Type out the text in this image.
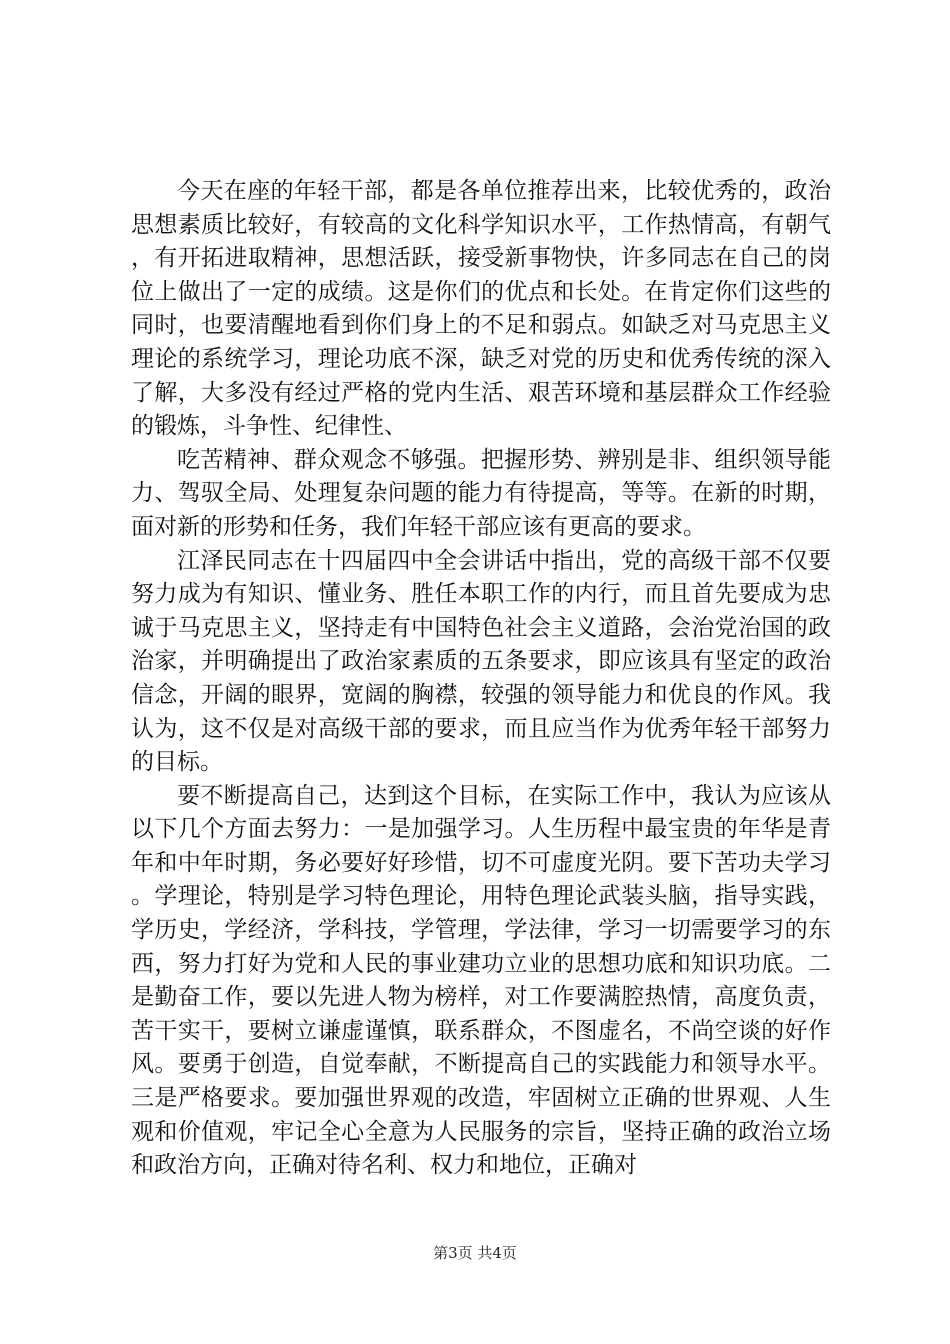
今天在座的年轻干部，都是各单位推荐出来，比较优秀的，政治思想素质比较好，有较高的文化科学知识水平，工作热情高，有朝气，有开拓进取精神，思想活跃，接受新事物快，许多同志在自己的岗位上做出了一定的成绩。这是你们的优点和长处。在肯定你们这些的同时，也要清醒地看到你们身上的不足和弱点。如缺乏对马克思主义理论的系统学习，理论功底不深，缺乏对党的历史和优秀传统的深入了解，大多没有经过严格的党内生活、艰苦环境和基层群众工作经验的锻炼，斗争性、纪律性、

吃苦精神、群众观念不够强。把握形势、辨别是非、组织领导能力、驾驭全局、处理复杂问题的能力有待提高，等等。在新的时期，面对新的形势和任务，我们年轻干部应该有更高的要求。

江泽民同志在十四届四中全会讲话中指出，党的高级干部不仅要努力成为有知识、懂业务、胜任本职工作的内行，而且首先要成为忠诚于马克思主义，坚持走有中国特色社会主义道路，会治党治国的政治家，并明确提出了政治家素质的五条要求，即应该具有坚定的政治信念，开阔的眼界，宽阔的胸襟，较强的领导能力和优良的作风。我认为，这不仅是对高级干部的要求，而且应当作为优秀年轻干部努力的目标。

要不断提高自己，达到这个目标，在实际工作中，我认为应该从以下几个方面去努力：一是加强学习。人生历程中最宝贵的年华是青年和中年时期，务必要好好珍惜，切不可虚度光阴。要下苦功夫学习。学理论，特别是学习特色理论，用特色理论武装头脑，指导实践，学历史，学经济，学科技，学管理，学法律，学习一切需要学习的东西，努力打好为党和人民的事业建功立业的思想功底和知识功底。二是勤奋工作，要以先进人物为榜样，对工作要满腔热情，高度负责，苦干实干，要树立谦虚谨慎，联系群众，不图虚名，不尚空谈的好作风。要勇于创造，自觉奉献，不断提高自己的实践能力和领导水平。三是严格要求。要加强世界观的改造，牢固树立正确的世界观、人生观和价值观，牢记全心全意为人民服务的宗旨，坚持正确的政治立场和政治方向，正确对待名利、权力和地位，正确对

第3页 共4页
